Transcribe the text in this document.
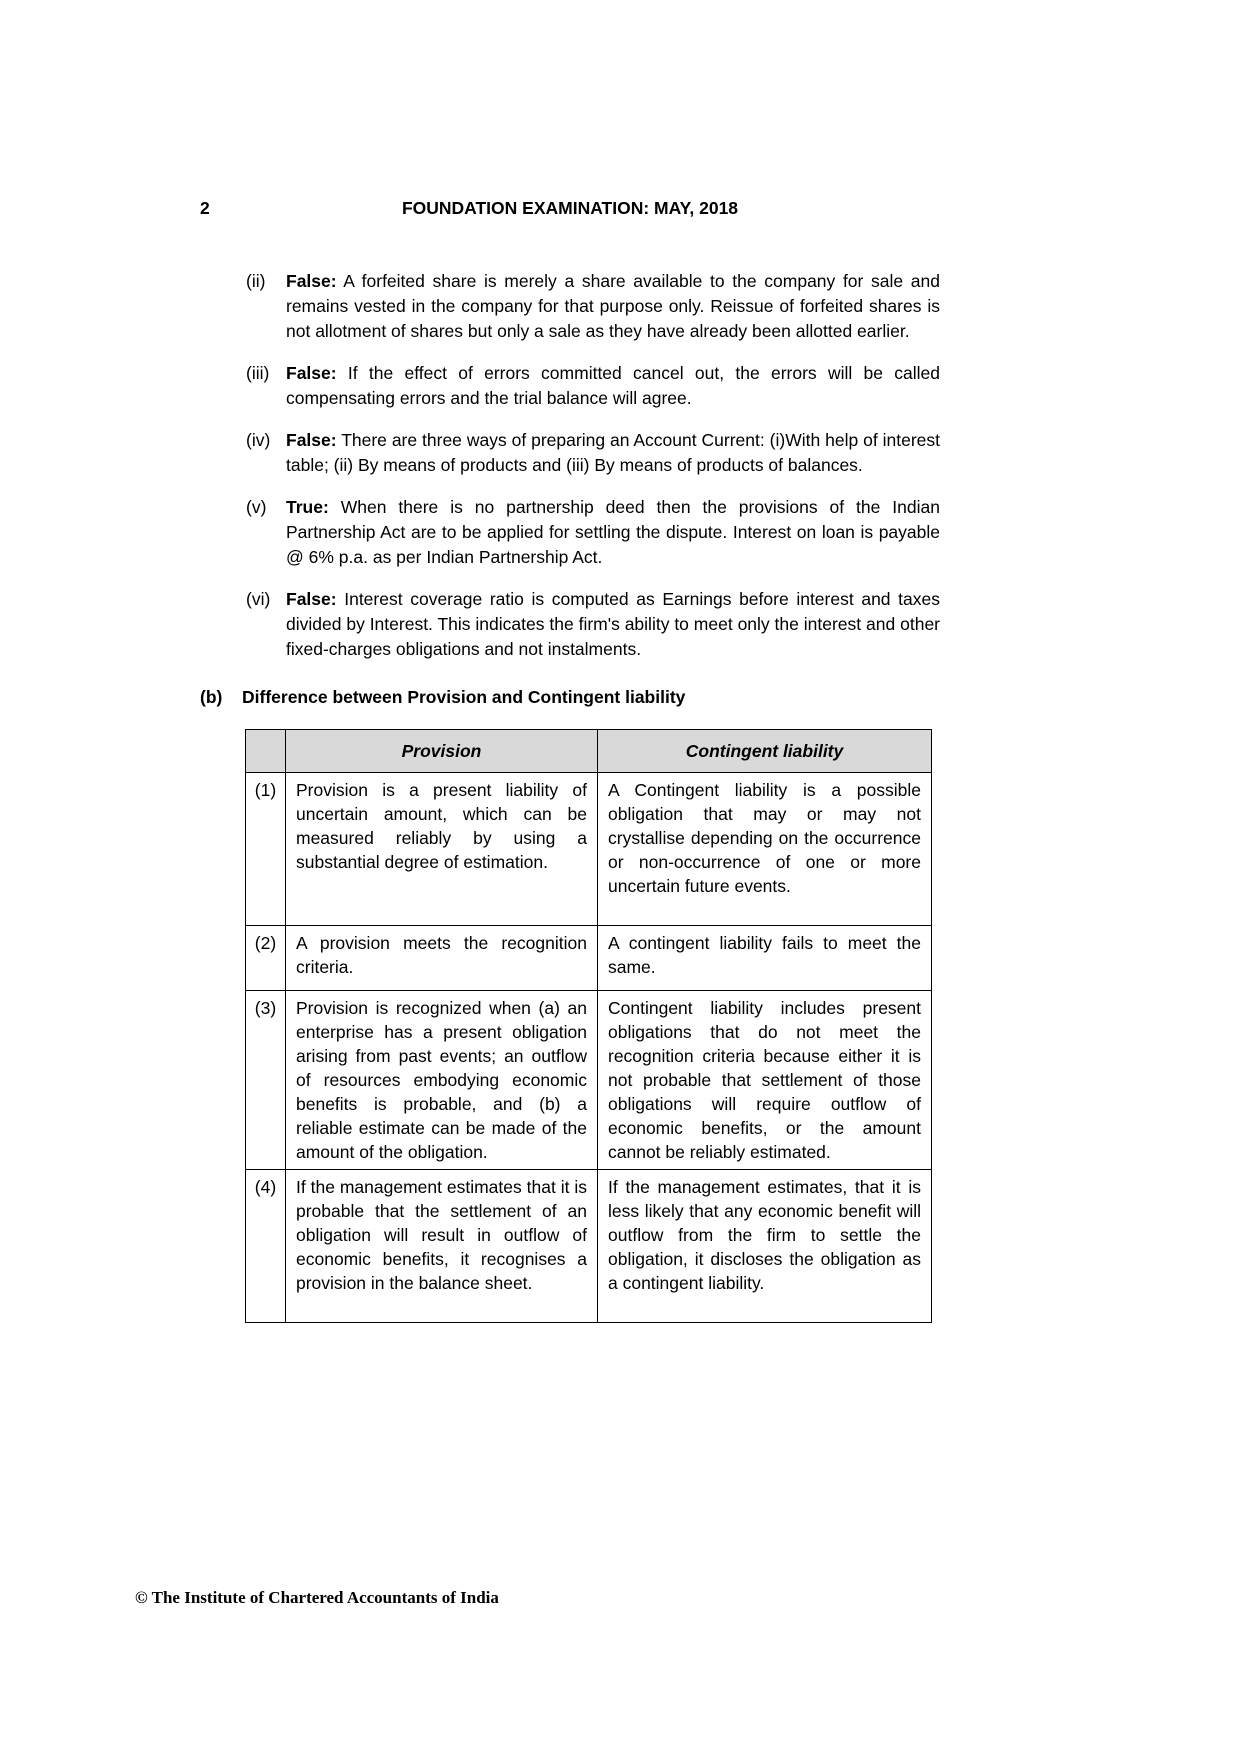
2	FOUNDATION EXAMINATION: MAY, 2018
(ii)	False: A forfeited share is merely a share available to the company for sale and remains vested in the company for that purpose only. Reissue of forfeited shares is not allotment of shares but only a sale as they have already been allotted earlier.

(iii) False: If the effect of errors committed cancel out, the errors will be called compensating errors and the trial balance will agree.

(iv) False: There are three ways of preparing an Account Current: (i)With help of interest table; (ii) By means of products and (iii) By means of products of balances.

(v)	True: When there is no partnership deed then the provisions of the Indian Partnership Act are to be applied for settling the dispute. Interest on loan is payable @ 6% p.a. as per Indian Partnership Act.

(vi) False: Interest coverage ratio is computed as Earnings before interest and taxes divided by Interest. This indicates the firm's ability to meet only the interest and other fixed-charges obligations and not instalments.

(b)	Difference between Provision and Contingent liability
	Provision	Contingent liability
(1)	Provision is a present liability of uncertain amount, which can be measured reliably by using a substantial degree of estimation.	A Contingent liability is a possible obligation that may or may not crystallise depending on the occurrence or non-occurrence of one or more uncertain future events.
(2)	A provision meets the recognition criteria.	A contingent liability fails to meet the same.
(3)	Provision is recognized when (a) an enterprise has a present obligation arising from past events; an outflow of resources embodying economic benefits is probable, and (b) a reliable estimate can be made of the amount of the obligation.	Contingent liability includes present obligations that do not meet the recognition criteria because either it is not probable that settlement of those obligations will require outflow of economic benefits, or the amount cannot be reliably estimated.
(4)	If the management estimates that it is probable that the settlement of an obligation will result in outflow of economic benefits, it recognises a provision in the balance sheet.	If the management estimates, that it is less likely that any economic benefit will outflow from the firm to settle the obligation, it discloses the obligation as a contingent liability.
© The Institute of Chartered Accountants of India
